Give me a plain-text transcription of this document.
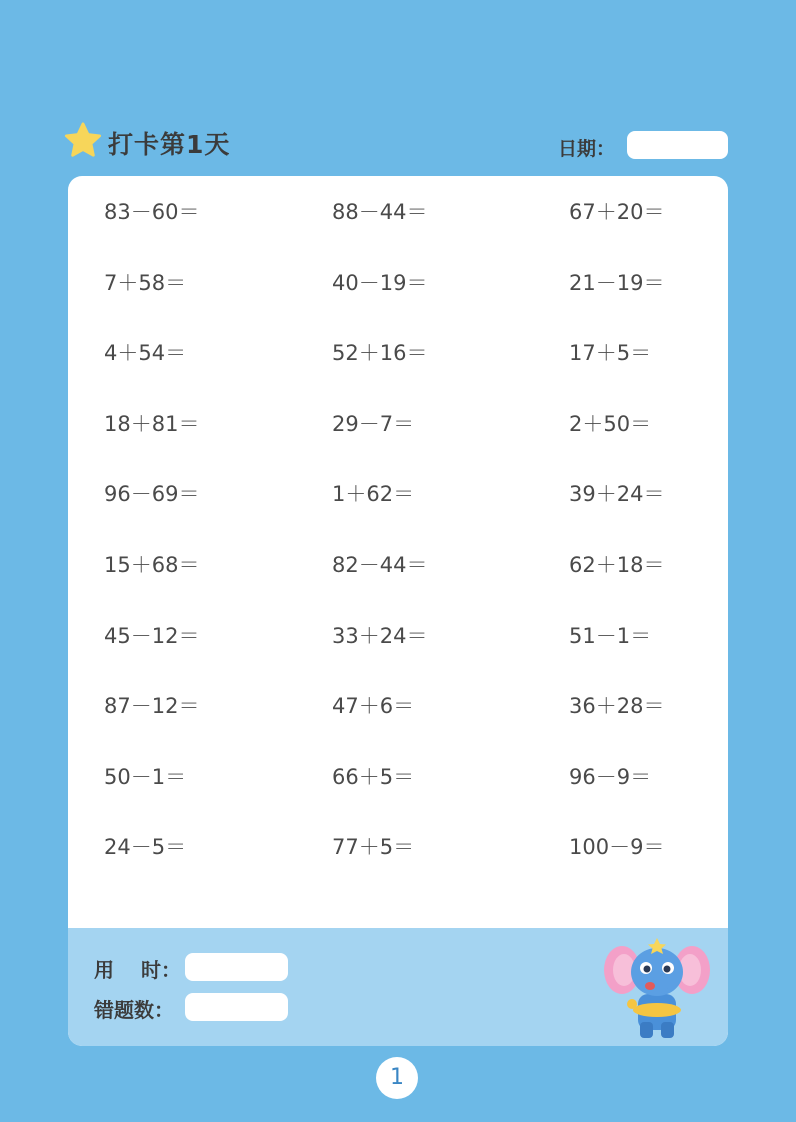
打卡第1天	日期：
83－60＝	88－44＝	67＋20＝
7＋58＝	40－19＝	21－19＝
4＋54＝	52＋16＝	17＋5＝
18＋81＝	29－7＝	2＋50＝
96－69＝	1＋62＝	39＋24＝
15＋68＝	82－44＝	62＋18＝
45－12＝	33＋24＝	51－1＝
87－12＝	47＋6＝	36＋28＝
50－1＝	66＋5＝	96－9＝
24－5＝	77＋5＝	100－9＝
用　 时：
错题数：
1
